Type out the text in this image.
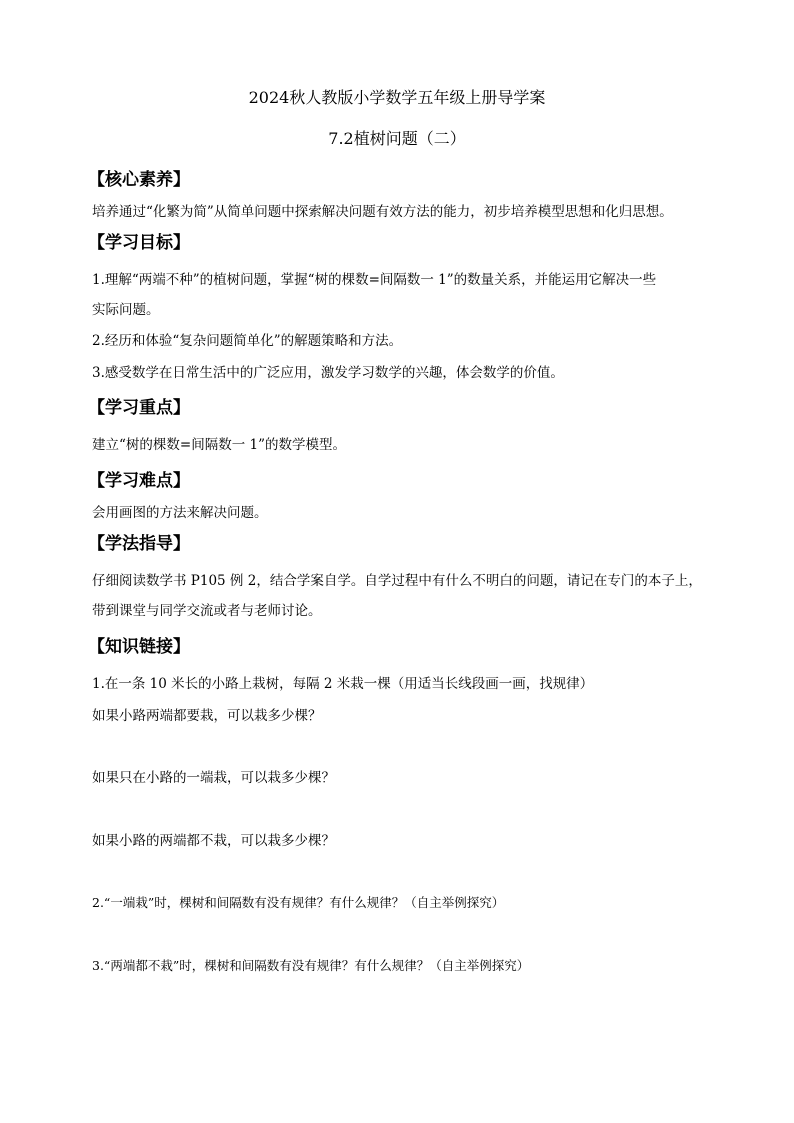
2024秋人教版小学数学五年级上册导学案
7.2植树问题（二）
【核心素养】
培养通过“化繁为简”从简单问题中探索解决问题有效方法的能力，初步培养模型思想和化归思想。
【学习目标】
1.理解“两端不种”的植树问题，掌握“树的棵数=间隔数一 1”的数量关系，并能运用它解决一些
实际问题。
2.经历和体验“复杂问题简单化”的解题策略和方法。
3.感受数学在日常生活中的广泛应用，激发学习数学的兴趣，体会数学的价值。
【学习重点】
建立“树的棵数=间隔数一 1”的数学模型。
【学习难点】
会用画图的方法来解决问题。
【学法指导】
仔细阅读数学书 P105 例 2，结合学案自学。自学过程中有什么不明白的问题，请记在专门的本子上，
带到课堂与同学交流或者与老师讨论。
【知识链接】
1.在一条 10 米长的小路上栽树，每隔 2 米栽一棵（用适当长线段画一画，找规律）
如果小路两端都要栽，可以栽多少棵？
如果只在小路的一端栽，可以栽多少棵？
如果小路的两端都不栽，可以栽多少棵？
2.“一端栽”时，棵树和间隔数有没有规律？有什么规律？（自主举例探究）
3.“两端都不栽”时，棵树和间隔数有没有规律？有什么规律？（自主举例探究）
